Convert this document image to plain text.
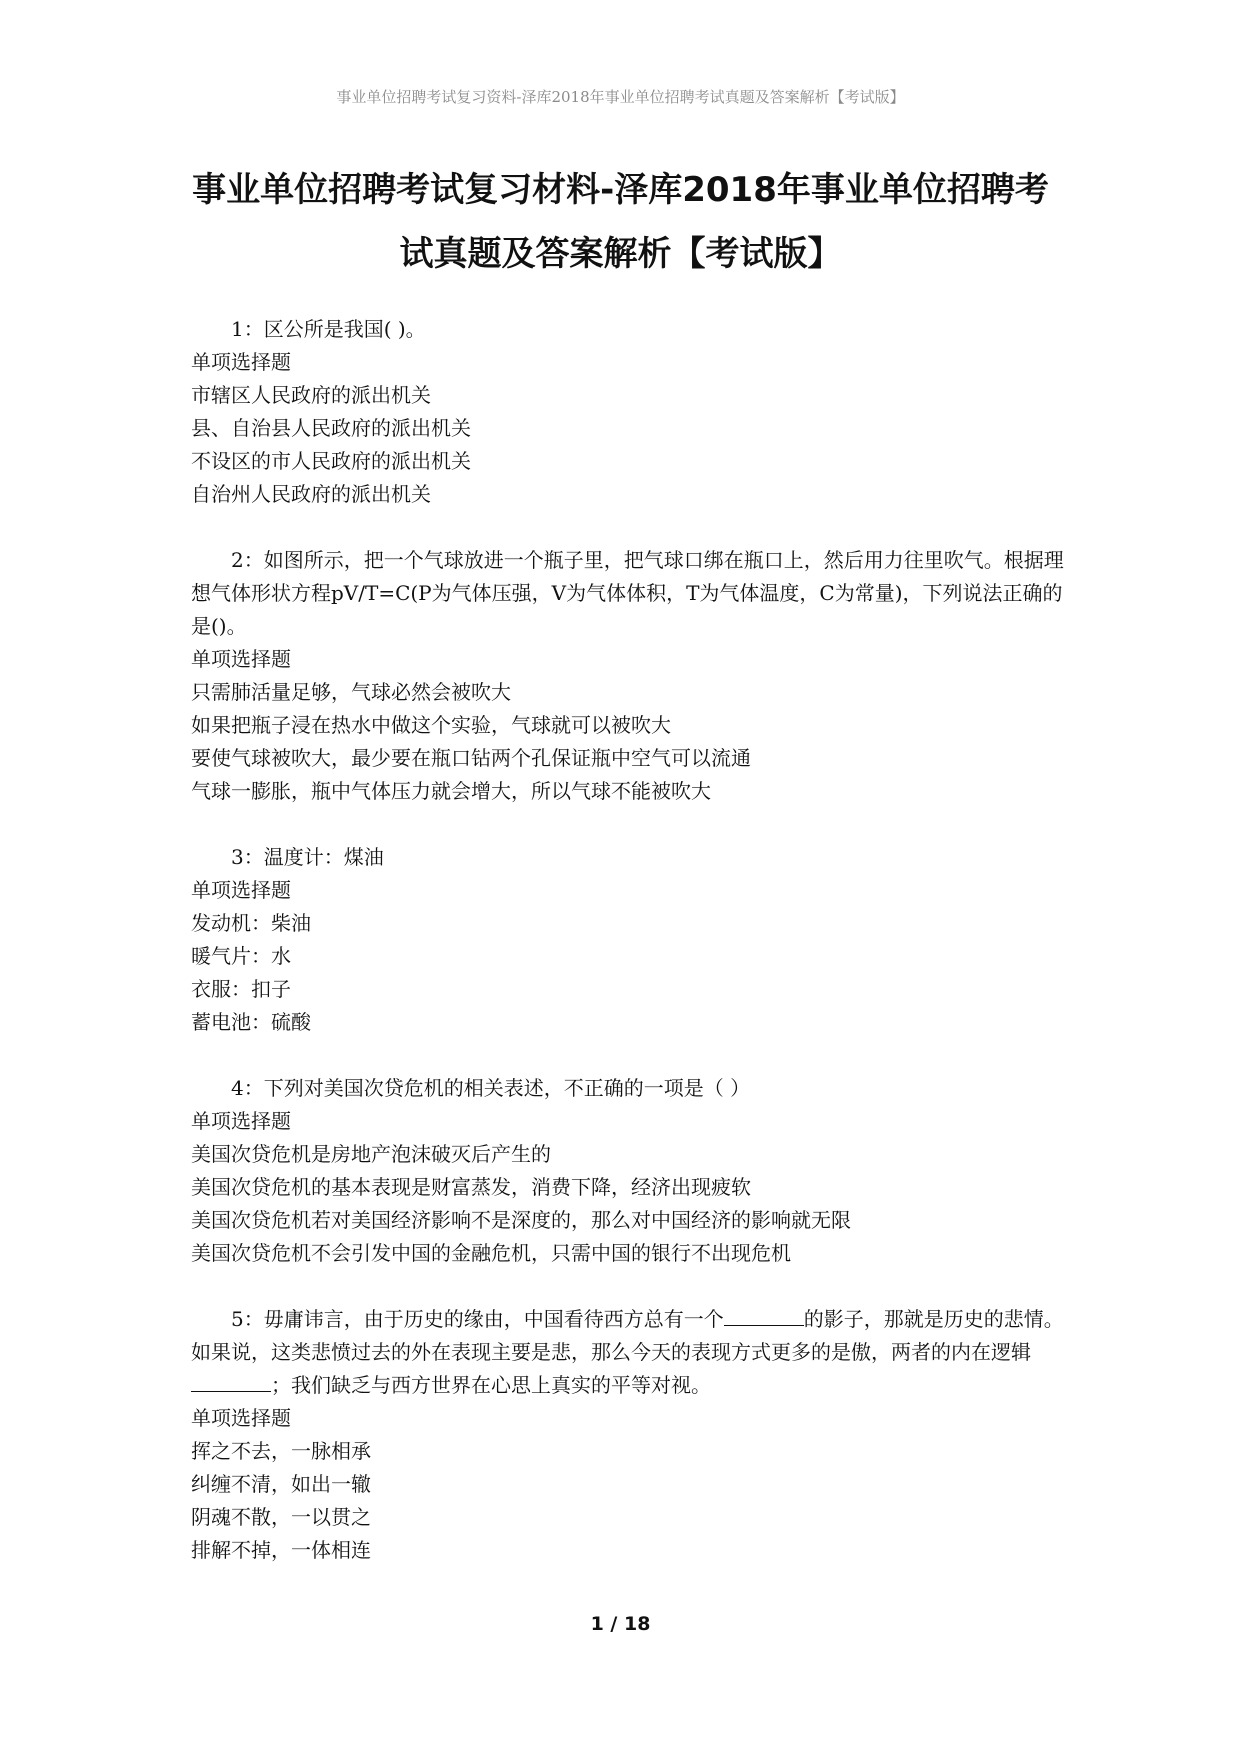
事业单位招聘考试复习资料-泽库2018年事业单位招聘考试真题及答案解析【考试版】
事业单位招聘考试复习材料-泽库2018年事业单位招聘考
试真题及答案解析【考试版】

1：区公所是我国( )。

单项选择题

市辖区人民政府的派出机关

县、自治县人民政府的派出机关

不设区的市人民政府的派出机关

自治州人民政府的派出机关

2：如图所示，把一个气球放进一个瓶子里，把气球口绑在瓶口上，然后用力往里吹气。根据理想气体形状方程pV/T=C(P为气体压强，V为气体体积，T为气体温度，C为常量)，下列说法正确的是()。

单项选择题

只需肺活量足够，气球必然会被吹大

如果把瓶子浸在热水中做这个实验，气球就可以被吹大

要使气球被吹大，最少要在瓶口钻两个孔保证瓶中空气可以流通

气球一膨胀，瓶中气体压力就会增大，所以气球不能被吹大

3：温度计：煤油

单项选择题

发动机：柴油

暖气片：水

衣服：扣子

蓄电池：硫酸

4：下列对美国次贷危机的相关表述，不正确的一项是（ ）

单项选择题

美国次贷危机是房地产泡沫破灭后产生的

美国次贷危机的基本表现是财富蒸发，消费下降，经济出现疲软

美国次贷危机若对美国经济影响不是深度的，那么对中国经济的影响就无限

美国次贷危机不会引发中国的金融危机，只需中国的银行不出现危机

5：毋庸讳言，由于历史的缘由，中国看待西方总有一个	的影子，那就是历史的悲情。如果说，这类悲愤过去的外在表现主要是悲，那么今天的表现方式更多的是傲，两者的内在逻辑；我们缺乏与西方世界在心思上真实的平等对视。

单项选择题

挥之不去，一脉相承

纠缠不清，如出一辙

阴魂不散，一以贯之

排解不掉，一体相连

1 / 18
